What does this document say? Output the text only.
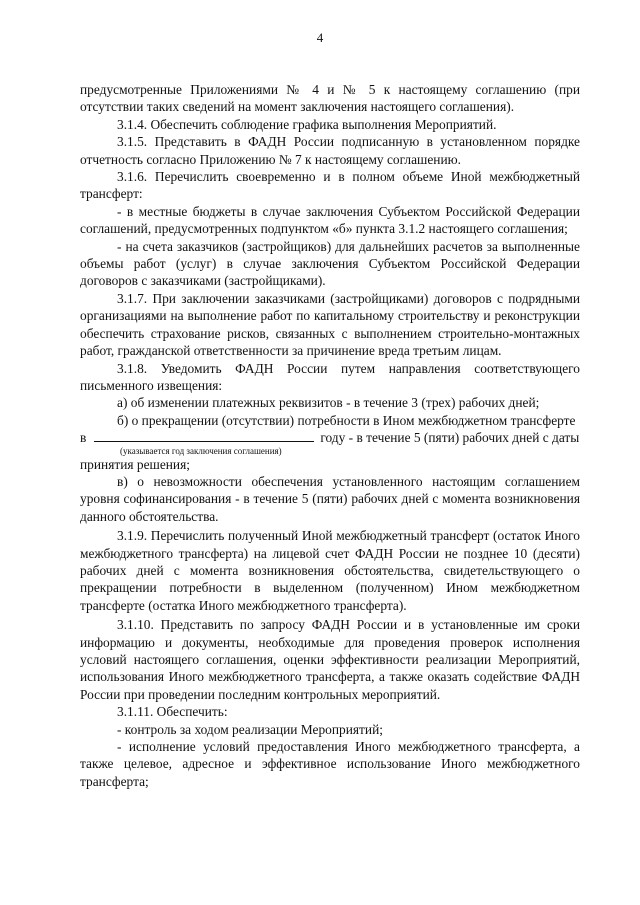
4

предусмотренные Приложениями № 4 и № 5 к настоящему соглашению (при отсутствии таких сведений на момент заключения настоящего соглашения).

3.1.4. Обеспечить соблюдение графика выполнения Мероприятий.

3.1.5. Представить в ФАДН России подписанную в установленном порядке отчетность согласно Приложению № 7 к настоящему соглашению.

3.1.6. Перечислить своевременно и в полном объеме Иной межбюджетный трансферт:

- в местные бюджеты в случае заключения Субъектом Российской Федерации соглашений, предусмотренных подпунктом «б» пункта 3.1.2 настоящего соглашения;

- на счета заказчиков (застройщиков) для дальнейших расчетов за выполненные объемы работ (услуг) в случае заключения Субъектом Российской Федерации договоров с заказчиками (застройщиками).

3.1.7. При заключении заказчиками (застройщиками) договоров с подрядными организациями на выполнение работ по капитальному строительству и реконструкции обеспечить страхование рисков, связанных с выполнением строительно-монтажных работ, гражданской ответственности за причинение вреда третьим лицам.

3.1.8. Уведомить ФАДН России путем направления соответствующего письменного извещения:

а) об изменении платежных реквизитов - в течение 3 (трех) рабочих дней;

б) о прекращении (отсутствии) потребности в Ином межбюджетном трансферте

в	году - в течение 5 (пяти) рабочих дней с даты
(указывается год заключения соглашения)

принятия решения;

в) о невозможности обеспечения установленного настоящим соглашением уровня софинансирования - в течение 5 (пяти) рабочих дней с момента возникновения данного обстоятельства.

3.1.9. Перечислить полученный Иной межбюджетный трансферт (остаток Иного межбюджетного трансферта) на лицевой счет ФАДН России не позднее 10 (десяти) рабочих дней с момента возникновения обстоятельства, свидетельствующего о прекращении потребности в выделенном (полученном) Ином межбюджетном трансферте (остатка Иного межбюджетного трансферта).

3.1.10. Представить по запросу ФАДН России и в установленные им сроки информацию и документы, необходимые для проведения проверок исполнения условий настоящего соглашения, оценки эффективности реализации Мероприятий, использования Иного межбюджетного трансферта, а также оказать содействие ФАДН России при проведении последним контрольных мероприятий.

3.1.11. Обеспечить:

- контроль за ходом реализации Мероприятий;

- исполнение условий предоставления Иного межбюджетного трансферта, а также целевое, адресное и эффективное использование Иного межбюджетного трансферта;
